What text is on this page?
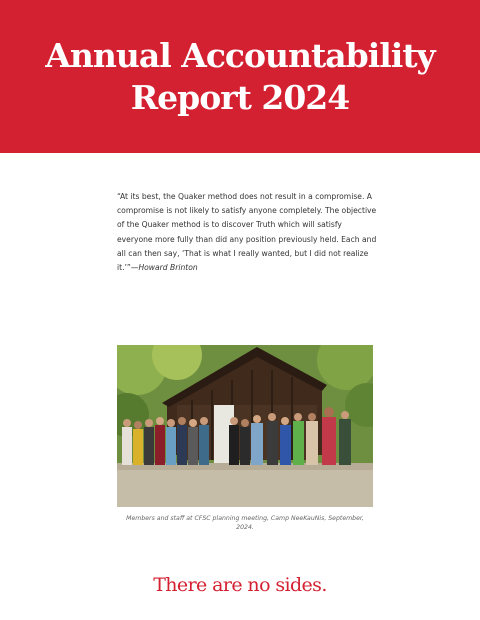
Annual Accountability Report 2024
“At its best, the Quaker method does not result in a compromise. A compromise is not likely to satisfy anyone completely. The objective of the Quaker method is to discover Truth which will satisfy everyone more fully than did any position previously held. Each and all can then say, ‘That is what I really wanted, but I did not realize it.’”—Howard Brinton
Members and staff at CFSC planning meeting, Camp NeeKauNis, September, 2024.
There are no sides.
